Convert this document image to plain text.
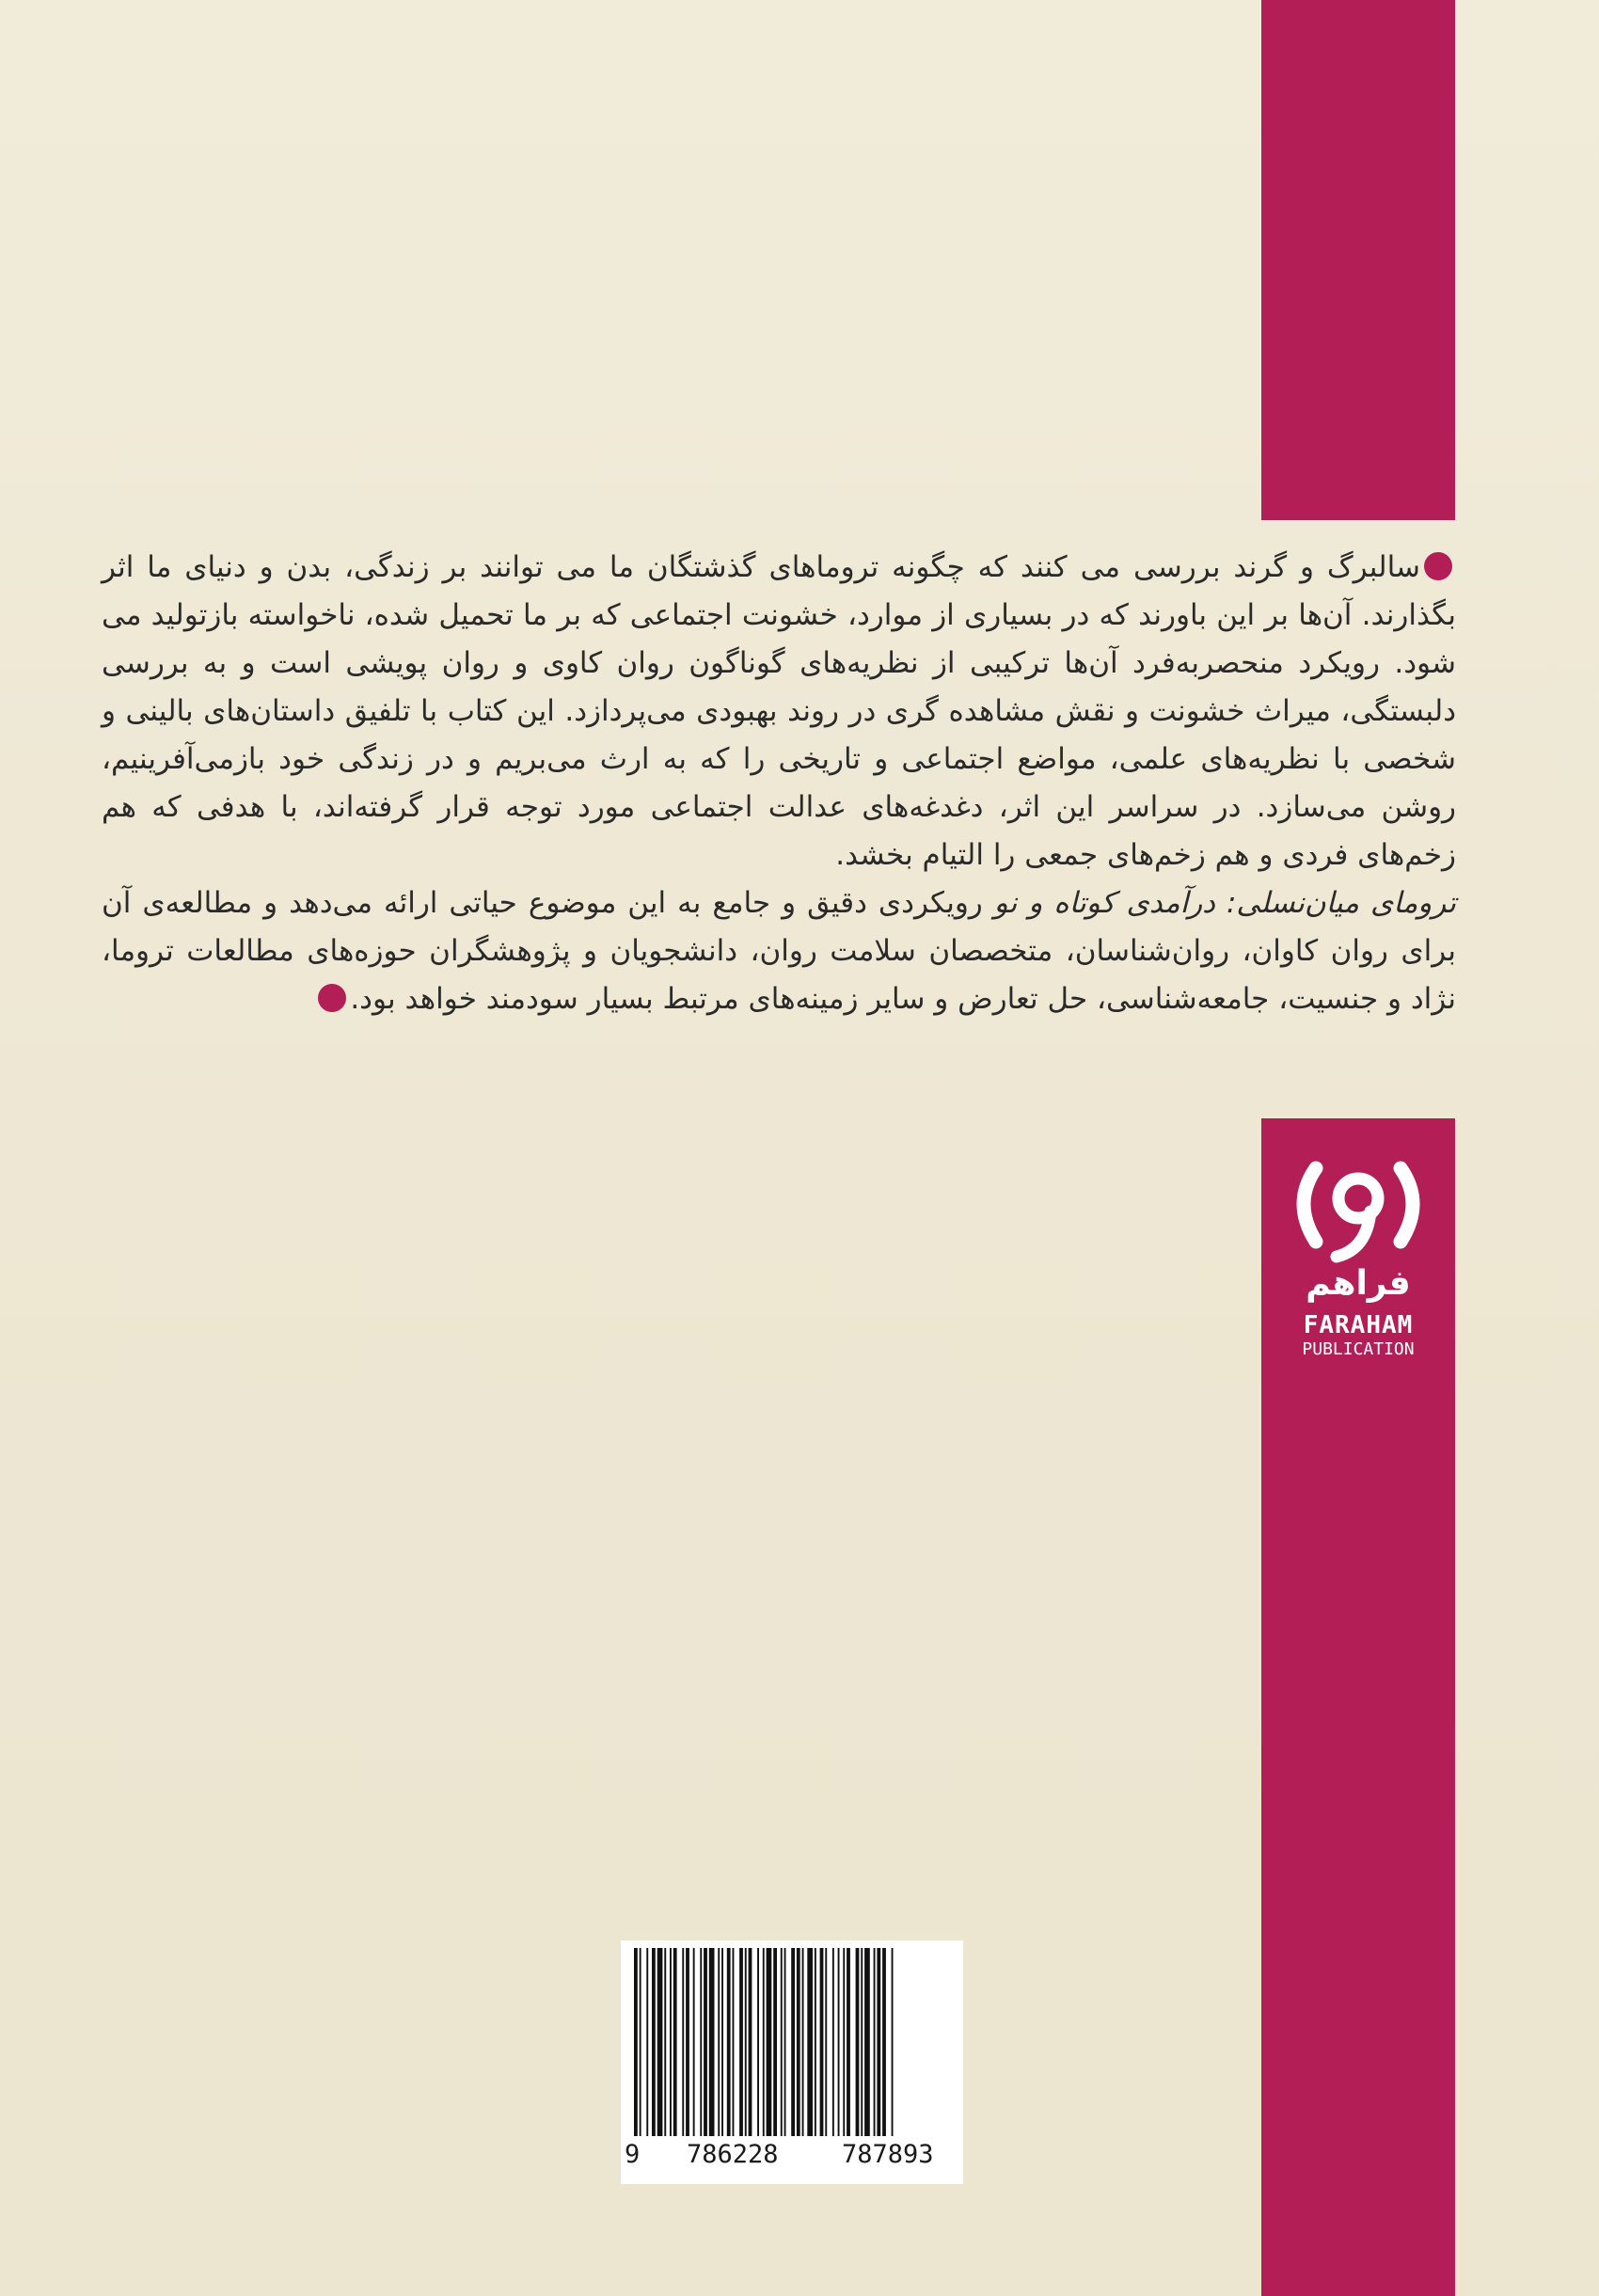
فراهم
FARAHAM
PUBLICATION

سالبرگ و گرند بررسی می کنند که چگونه تروماهای گذشتگان ما می توانند بر زندگی، بدن و دنیای ما اثر بگذارند. آن‌ها بر این باورند که در بسیاری از موارد، خشونت اجتماعی که بر ما تحمیل شده، ناخواسته بازتولید می شود. رویکرد منحصربه‌فرد آن‌ها ترکیبی از نظریه‌های گوناگون روان کاوی و روان پویشی است و به بررسی دلبستگی، میراث خشونت و نقش مشاهده گری در روند بهبودی می‌پردازد. این کتاب با تلفیق داستان‌های بالینی و شخصی با نظریه‌های علمی، مواضع اجتماعی و تاریخی را که به ارث می‌بریم و در زندگی خود بازمی‌آفرینیم، روشن می‌سازد. در سراسر این اثر، دغدغه‌های عدالت اجتماعی مورد توجه قرار گرفته‌اند، با هدفی که هم زخم‌های فردی و هم زخم‌های جمعی را التیام بخشد.

ترومای میان‌نسلی: درآمدی کوتاه و نو رویکردی دقیق و جامع به این موضوع حیاتی ارائه می‌دهد و مطالعه‌ی آن برای روان کاوان، روان‌شناسان، متخصصان سلامت روان، دانشجویان و پژوهشگران حوزه‌های مطالعات تروما، نژاد و جنسیت، جامعه‌شناسی، حل تعارض و سایر زمینه‌های مرتبط بسیار سودمند خواهد بود.

9 786228 787893
